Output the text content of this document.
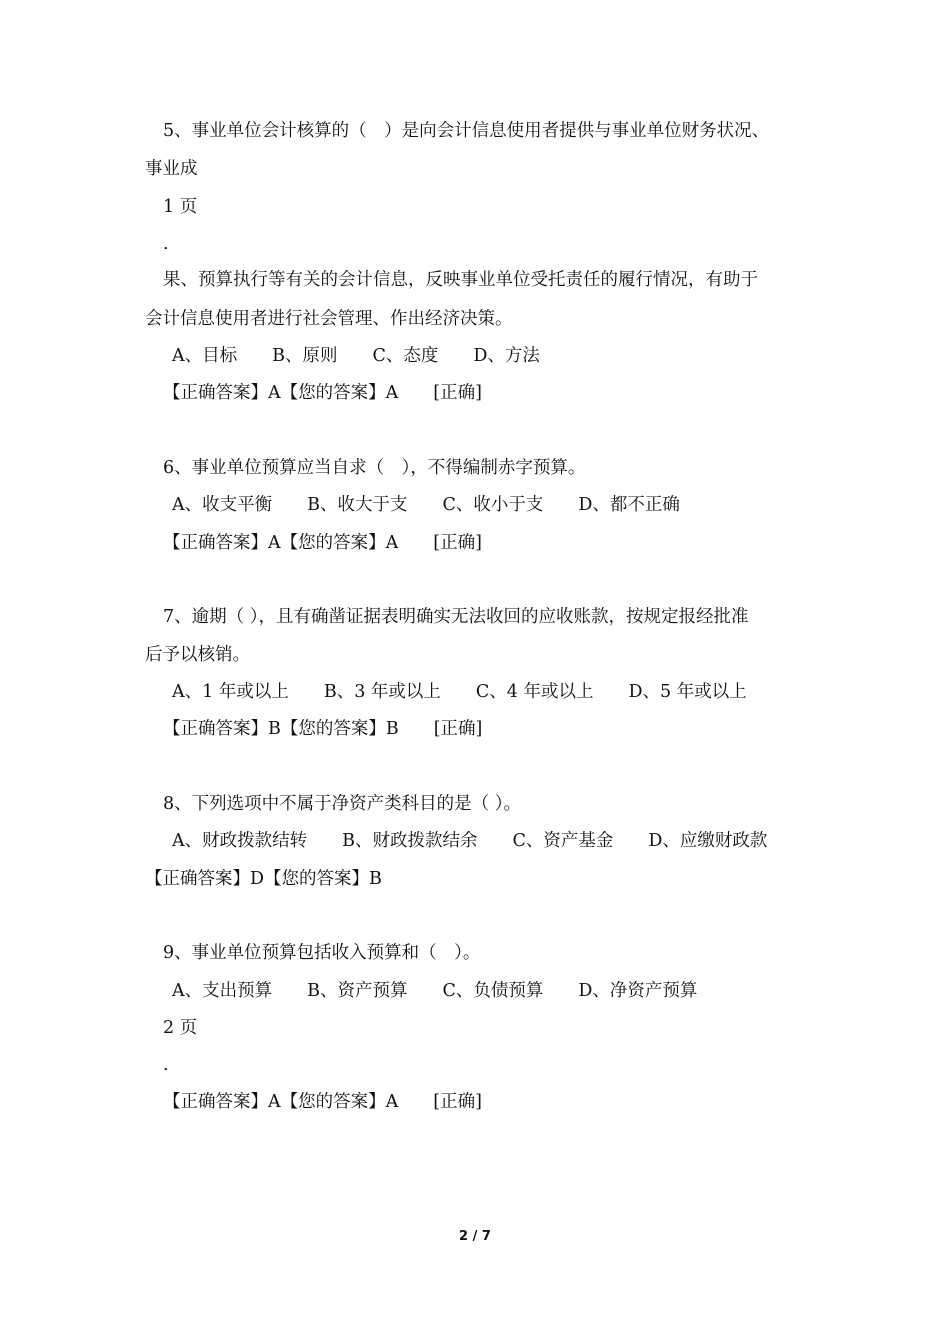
5、事业单位会计核算的（　）是向会计信息使用者提供与事业单位财务状况、
事业成
1 页
.
果、预算执行等有关的会计信息，反映事业单位受托责任的履行情况，有助于
会计信息使用者进行社会管理、作出经济决策。
A、目标　　B、原则　　C、态度　　D、方法
【正确答案】A【您的答案】A　　[正确]
6、事业单位预算应当自求（　），不得编制赤字预算。
A、收支平衡　　B、收大于支　　C、收小于支　　D、都不正确
【正确答案】A【您的答案】A　　[正确]
7、逾期（ ），且有确凿证据表明确实无法收回的应收账款，按规定报经批准
后予以核销。
A、1 年或以上　　B、3 年或以上　　C、4 年或以上　　D、5 年或以上
【正确答案】B【您的答案】B　　[正确]
8、下列选项中不属于净资产类科目的是（ ）。
A、财政拨款结转　　B、财政拨款结余　　C、资产基金　　D、应缴财政款
【正确答案】D【您的答案】B
9、事业单位预算包括收入预算和（　）。
A、支出预算　　B、资产预算　　C、负债预算　　D、净资产预算
2 页
.
【正确答案】A【您的答案】A　　[正确]
2 / 7
